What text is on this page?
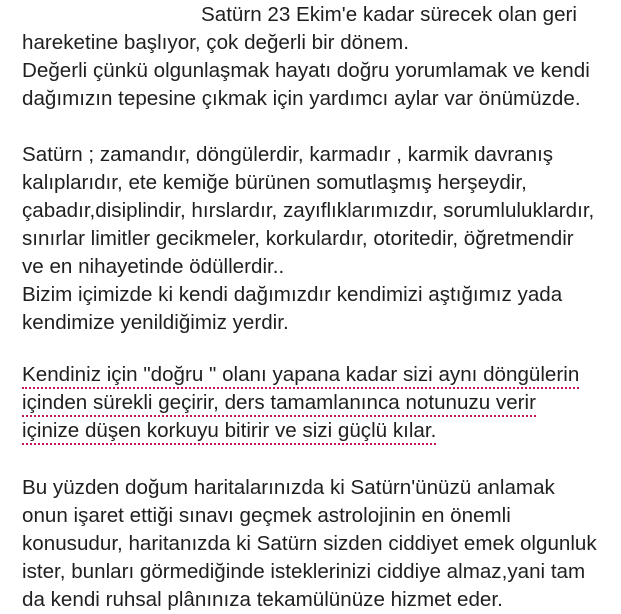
Satürn 23 Ekim'e kadar sürecek olan geri
hareketine başlıyor, çok değerli bir dönem.
Değerli çünkü olgunlaşmak hayatı doğru yorumlamak ve kendi
dağımızın tepesine çıkmak için yardımcı aylar var önümüzde.
Satürn ; zamandır, döngülerdir, karmadır , karmik davranış
kalıplarıdır, ete kemiğe bürünen somutlaşmış herşeydir,
çabadır,disiplindir, hırslardır, zayıflıklarımızdır, sorumluluklardır,
sınırlar limitler gecikmeler, korkulardır, otoritedir, öğretmendir
ve en nihayetinde ödüllerdir..
Bizim içimizde ki kendi dağımızdır kendimizi aştığımız yada
kendimize yenildiğimiz yerdir.
Kendiniz için "doğru " olanı yapana kadar sizi aynı döngülerin
içinden sürekli geçirir, ders tamamlanınca notunuzu verir
içinize düşen korkuyu bitirir ve sizi güçlü kılar.
Bu yüzden doğum haritalarınızda ki Satürn'ünüzü anlamak
onun işaret ettiği sınavı geçmek astrolojinin en önemli
konusudur, haritanızda ki Satürn sizden ciddiyet emek olgunluk
ister, bunları görmediğinde isteklerinizi ciddiye almaz,yani tam
da kendi ruhsal plânınıza tekamülünüze hizmet eder.
